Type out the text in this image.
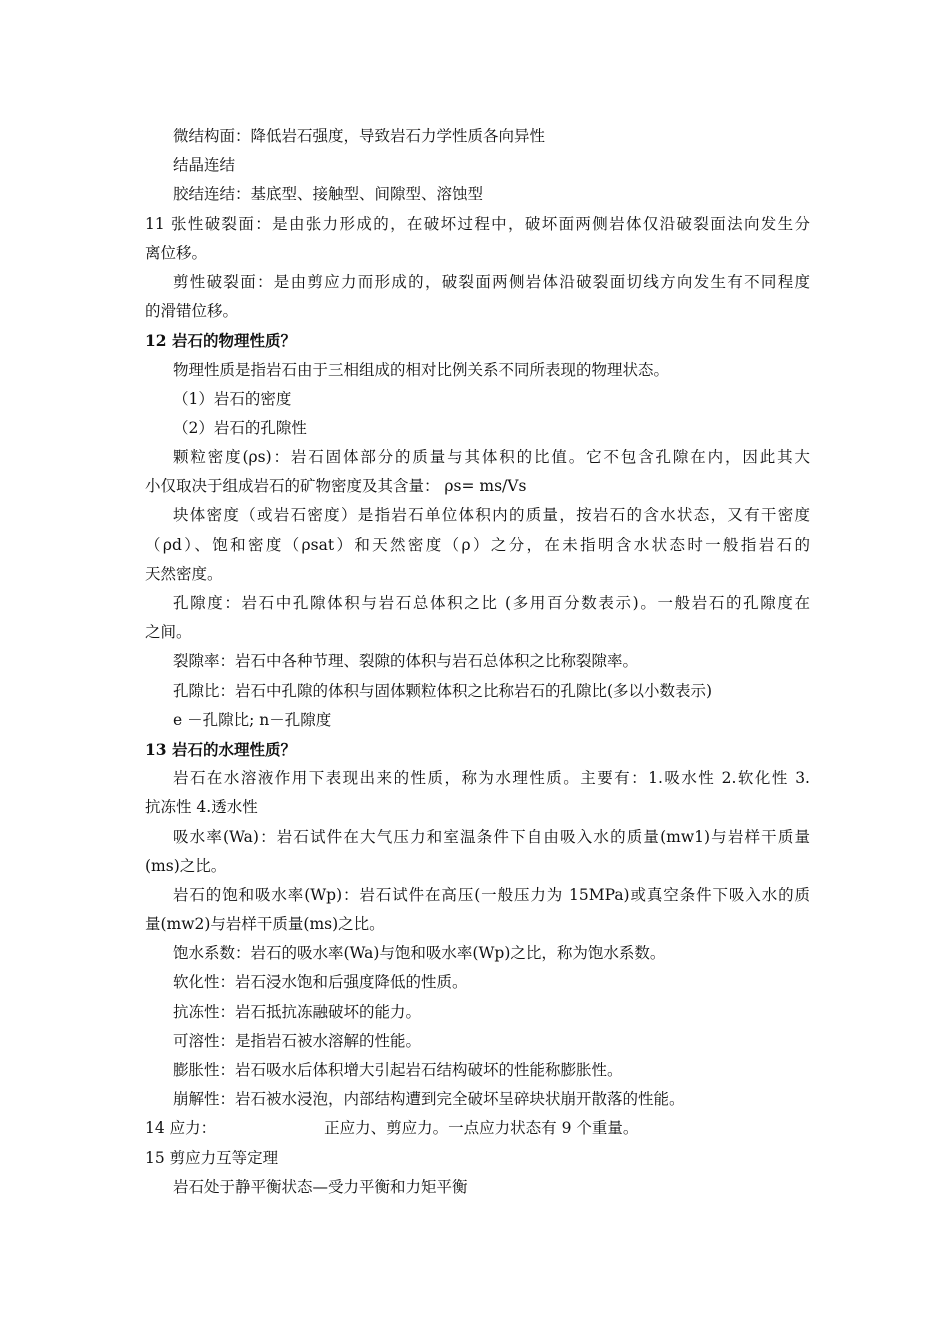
微结构面：降低岩石强度，导致岩石力学性质各向异性
结晶连结
胶结连结：基底型、接触型、间隙型、溶蚀型
11 张性破裂面：是由张力形成的，在破坏过程中，破坏面两侧岩体仅沿破裂面法向发生分
离位移。
剪性破裂面：是由剪应力而形成的，破裂面两侧岩体沿破裂面切线方向发生有不同程度
的滑错位移。
12 岩石的物理性质？
物理性质是指岩石由于三相组成的相对比例关系不同所表现的物理状态。
（1）岩石的密度
（2）岩石的孔隙性
颗粒密度(ρs)：岩石固体部分的质量与其体积的比值。它不包含孔隙在内，因此其大
小仅取决于组成岩石的矿物密度及其含量： ρs= ms/Vs
块体密度（或岩石密度）是指岩石单位体积内的质量，按岩石的含水状态，又有干密度
（ρd）、饱和密度（ρsat）和天然密度（ρ）之分，在未指明含水状态时一般指岩石的
天然密度。
孔隙度：岩石中孔隙体积与岩石总体积之比 (多用百分数表示)。一般岩石的孔隙度在
之间。
裂隙率：岩石中各种节理、裂隙的体积与岩石总体积之比称裂隙率。
孔隙比：岩石中孔隙的体积与固体颗粒体积之比称岩石的孔隙比(多以小数表示)
e －孔隙比; n－孔隙度
13 岩石的水理性质？
岩石在水溶液作用下表现出来的性质，称为水理性质。主要有：1.吸水性 2.软化性 3.
抗冻性 4.透水性
吸水率(Wa)：岩石试件在大气压力和室温条件下自由吸入水的质量(mw1)与岩样干质量
(ms)之比。
岩石的饱和吸水率(Wp)：岩石试件在高压(一般压力为 15MPa)或真空条件下吸入水的质
量(mw2)与岩样干质量(ms)之比。
饱水系数：岩石的吸水率(Wa)与饱和吸水率(Wp)之比，称为饱水系数。
软化性：岩石浸水饱和后强度降低的性质。
抗冻性：岩石抵抗冻融破坏的能力。
可溶性：是指岩石被水溶解的性能。
膨胀性：岩石吸水后体积增大引起岩石结构破坏的性能称膨胀性。
崩解性：岩石被水浸泡，内部结构遭到完全破坏呈碎块状崩开散落的性能。
14 应力：	正应力、剪应力。一点应力状态有 9 个重量。
15 剪应力互等定理
岩石处于静平衡状态—受力平衡和力矩平衡
